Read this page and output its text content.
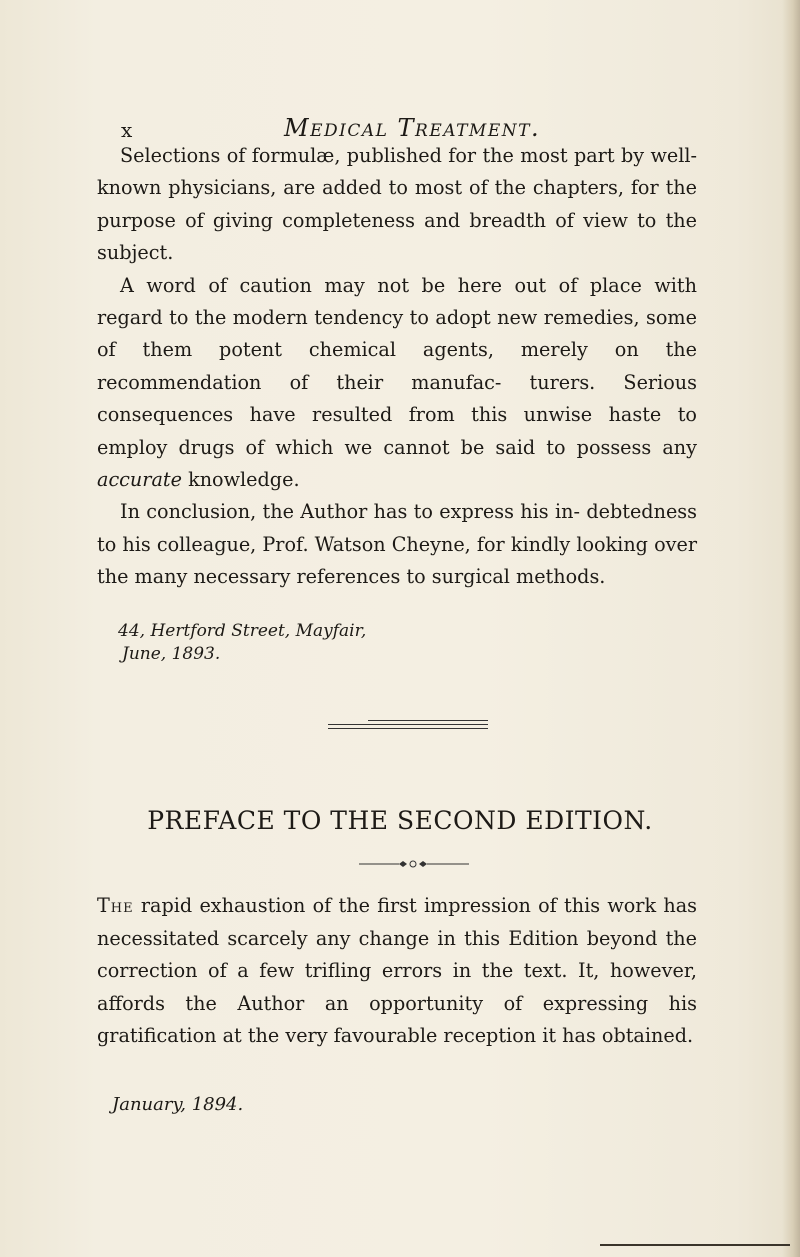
x	Medical Treatment.

Selections of formulæ, published for the most part by well-known physicians, are added to most of the chapters, for the purpose of giving completeness and breadth of view to the subject.

A word of caution may not be here out of place with regard to the modern tendency to adopt new remedies, some of them potent chemical agents, merely on the recommendation of their manufac- turers. Serious consequences have resulted from this unwise haste to employ drugs of which we cannot be said to possess any accurate knowledge.

In conclusion, the Author has to express his in- debtedness to his colleague, Prof. Watson Cheyne, for kindly looking over the many necessary references to surgical methods.

44, Hertford Street, Mayfair,
June, 1893.
PREFACE TO THE SECOND EDITION.

The rapid exhaustion of the first impression of this work has necessitated scarcely any change in this Edition beyond the correction of a few trifling errors in the text. It, however, affords the Author an opportunity of expressing his gratification at the very favourable reception it has obtained.

January, 1894.
